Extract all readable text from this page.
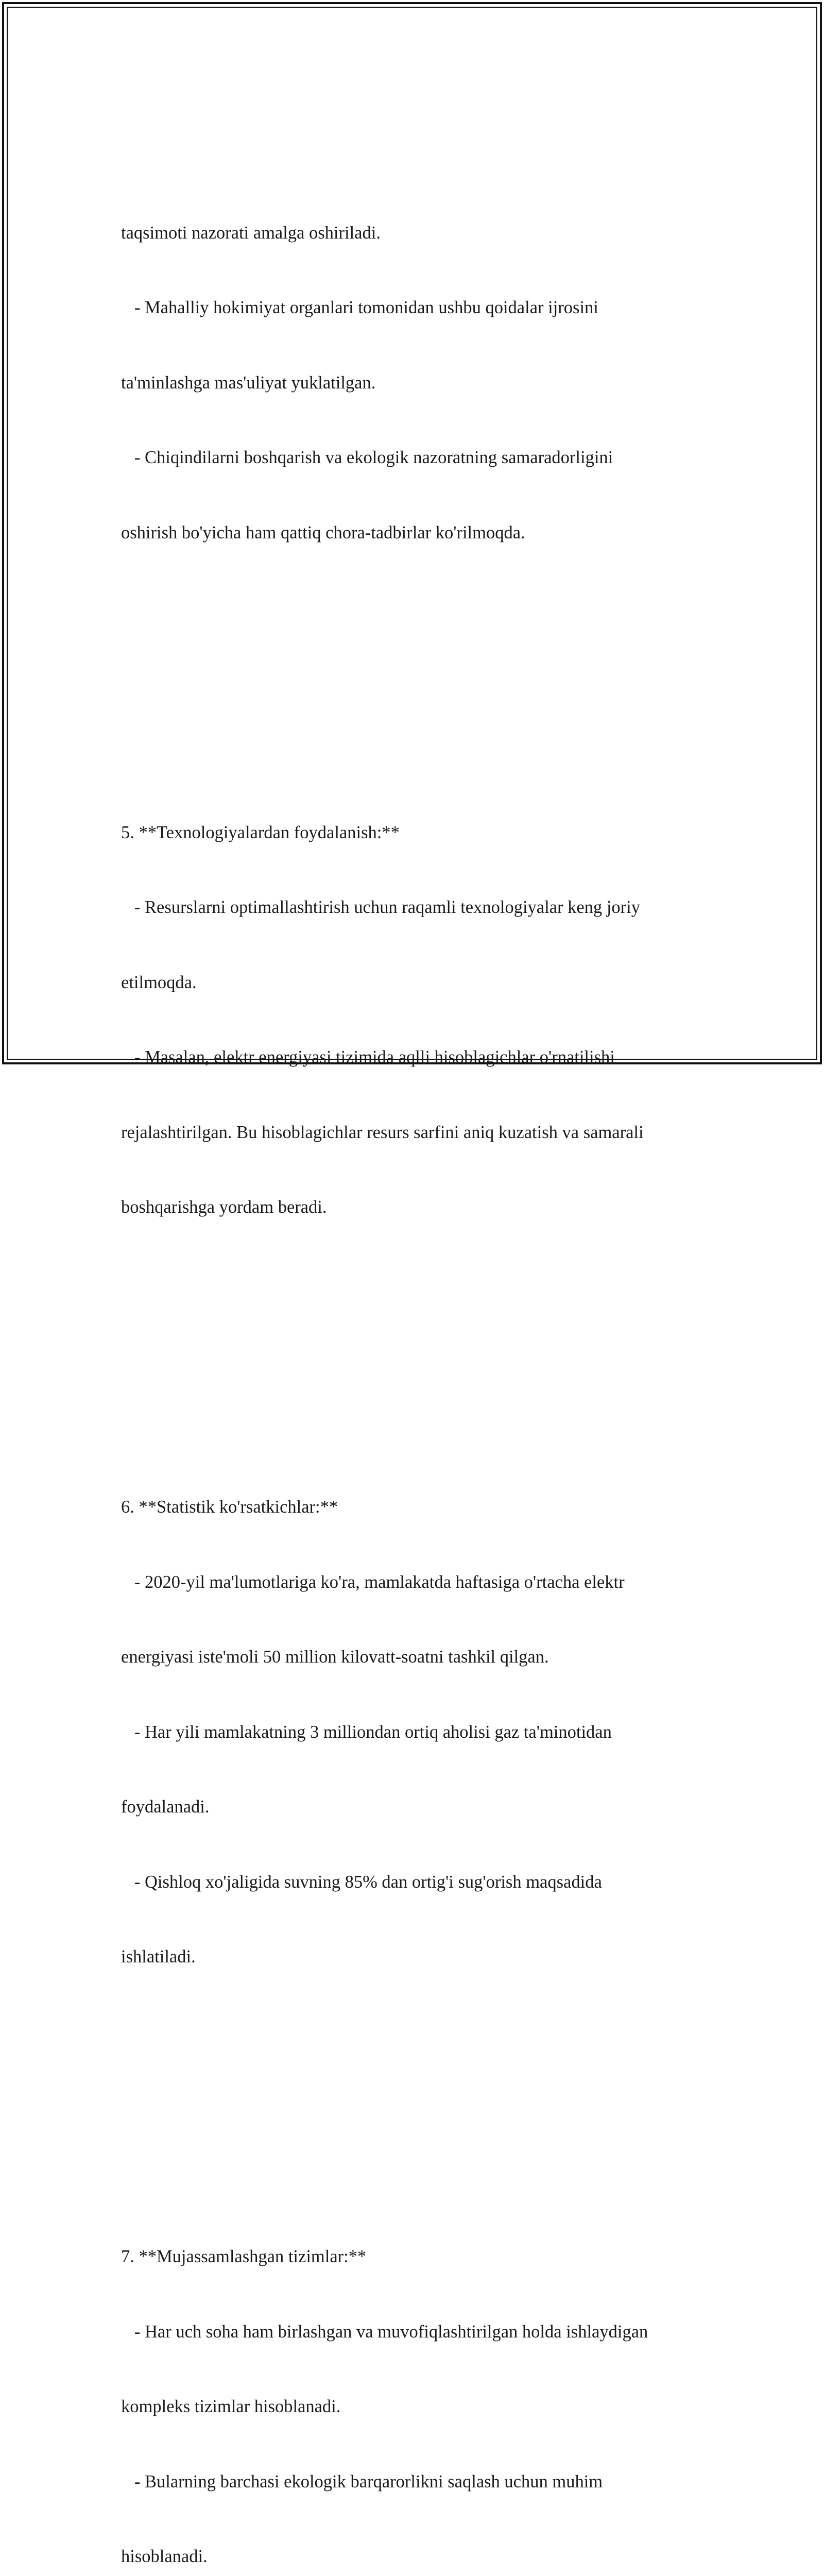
taqsimoti nazorati amalga oshiriladi.

- Mahalliy hokimiyat organlari tomonidan ushbu qoidalar ijrosini

ta'minlashga mas'uliyat yuklatilgan.

- Chiqindilarni boshqarish va ekologik nazoratning samaradorligini

oshirish bo'yicha ham qattiq chora-tadbirlar ko'rilmoqda.

5. **Texnologiyalardan foydalanish:**

- Resurslarni optimallashtirish uchun raqamli texnologiyalar keng joriy

etilmoqda.

- Masalan, elektr energiyasi tizimida aqlli hisoblagichlar o'rnatilishi

rejalashtirilgan. Bu hisoblagichlar resurs sarfini aniq kuzatish va samarali

boshqarishga yordam beradi.

6. **Statistik ko'rsatkichlar:**

- 2020-yil ma'lumotlariga ko'ra, mamlakatda haftasiga o'rtacha elektr

energiyasi iste'moli 50 million kilovatt-soatni tashkil qilgan.

- Har yili mamlakatning 3 milliondan ortiq aholisi gaz ta'minotidan

foydalanadi.

- Qishloq xo'jaligida suvning 85% dan ortig'i sug'orish maqsadida

ishlatiladi.

7. **Mujassamlashgan tizimlar:**

- Har uch soha ham birlashgan va muvofiqlashtirilgan holda ishlaydigan

kompleks tizimlar hisoblanadi.

- Bularning barchasi ekologik barqarorlikni saqlash uchun muhim

hisoblanadi.
